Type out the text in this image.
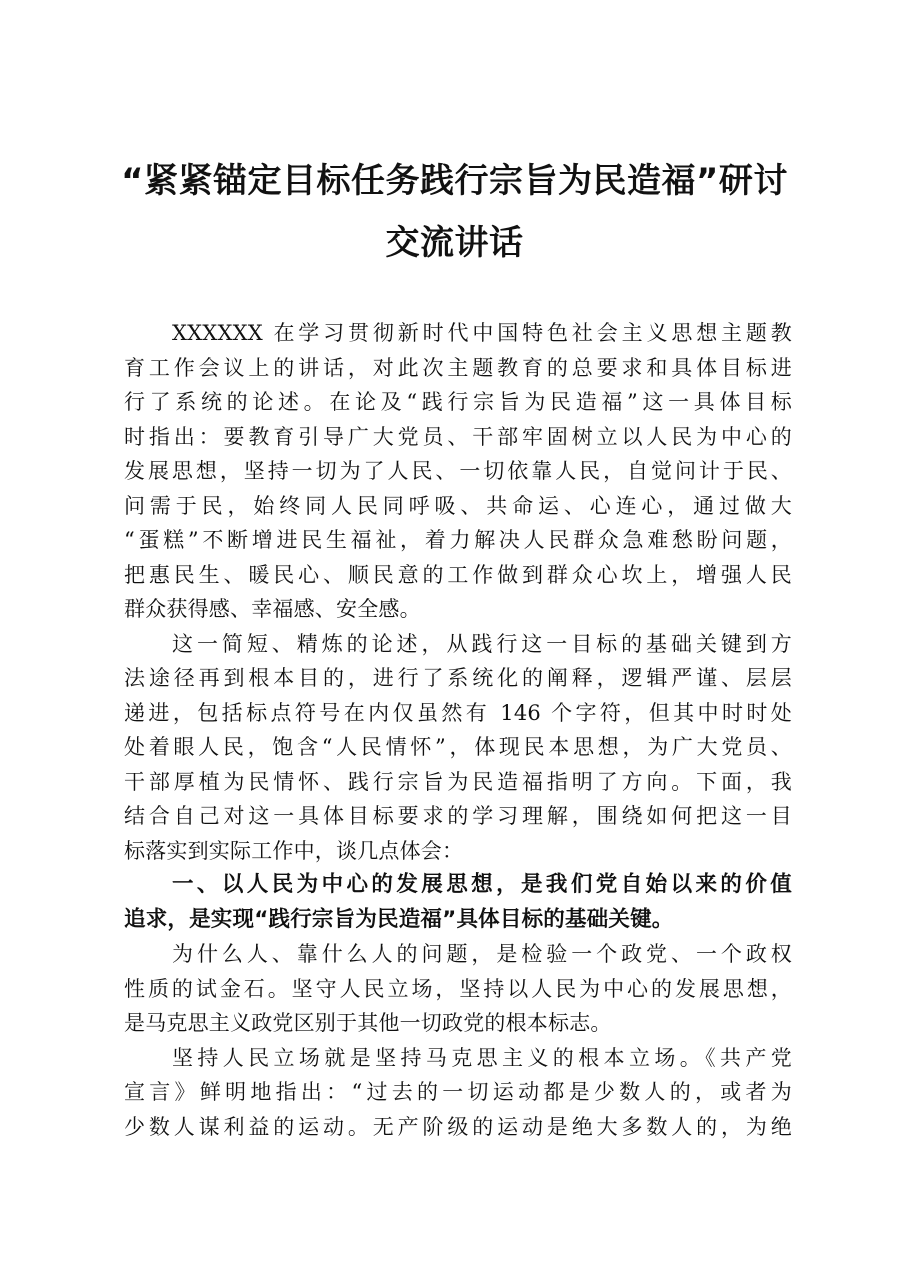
“紧紧锚定目标任务践行宗旨为民造福”研讨
交流讲话
XXXXXX 在学习贯彻新时代中国特色社会主义思想主题教
育工作会议上的讲话，对此次主题教育的总要求和具体目标进
行了系统的论述。在论及“践行宗旨为民造福”这一具体目标
时指出：要教育引导广大党员、干部牢固树立以人民为中心的
发展思想，坚持一切为了人民、一切依靠人民，自觉问计于民、
问需于民，始终同人民同呼吸、共命运、心连心，通过做大
“蛋糕”不断增进民生福祉，着力解决人民群众急难愁盼问题，
把惠民生、暖民心、顺民意的工作做到群众心坎上，增强人民
群众获得感、幸福感、安全感。
这一简短、精炼的论述，从践行这一目标的基础关键到方
法途径再到根本目的，进行了系统化的阐释，逻辑严谨、层层
递进，包括标点符号在内仅虽然有 146 个字符，但其中时时处
处着眼人民，饱含“人民情怀”，体现民本思想，为广大党员、
干部厚植为民情怀、践行宗旨为民造福指明了方向。下面，我
结合自己对这一具体目标要求的学习理解，围绕如何把这一目
标落实到实际工作中，谈几点体会：
一、以人民为中心的发展思想，是我们党自始以来的价值
追求，是实现“践行宗旨为民造福”具体目标的基础关键。
为什么人、靠什么人的问题，是检验一个政党、一个政权
性质的试金石。坚守人民立场，坚持以人民为中心的发展思想，
是马克思主义政党区别于其他一切政党的根本标志。
坚持人民立场就是坚持马克思主义的根本立场。《共产党
宣言》鲜明地指出：“过去的一切运动都是少数人的，或者为
少数人谋利益的运动。无产阶级的运动是绝大多数人的，为绝
